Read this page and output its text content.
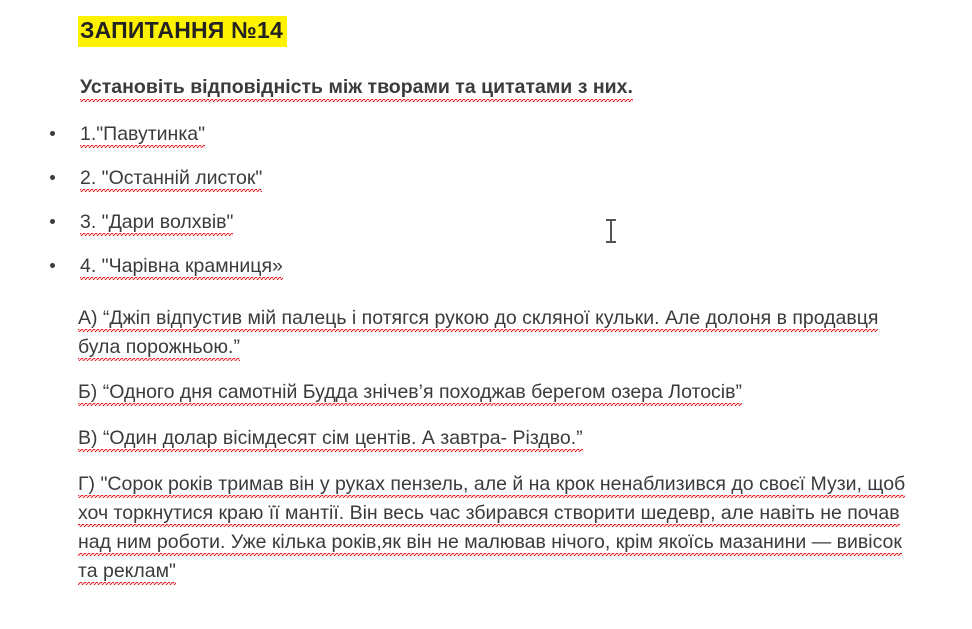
ЗАПИТАННЯ №14
Установіть відповідність між творами та цитатами з них.
1."Павутинка"
2. "Останній листок"
3. "Дари волхвів"
4. "Чарівна крамниця»
А) “Джіп відпустив мій палець і потягся рукою до скляної кульки. Але долоня в продавця була порожньою.”
Б) “Одного дня самотній Будда знічев’я походжав берегом озера Лотосів”
В) “Один долар вісімдесят сім центів. А завтра- Різдво.”
Г) "Сорок років тримав він у руках пензель, але й на крок ненаблизився до своєї Музи, щоб хоч торкнутися краю її мантії. Він весь час збирався створити шедевр, але навіть не почав над ним роботи. Уже кілька років,як він не малював нічого, крім якоїсь мазанини — вивісок та реклам"
